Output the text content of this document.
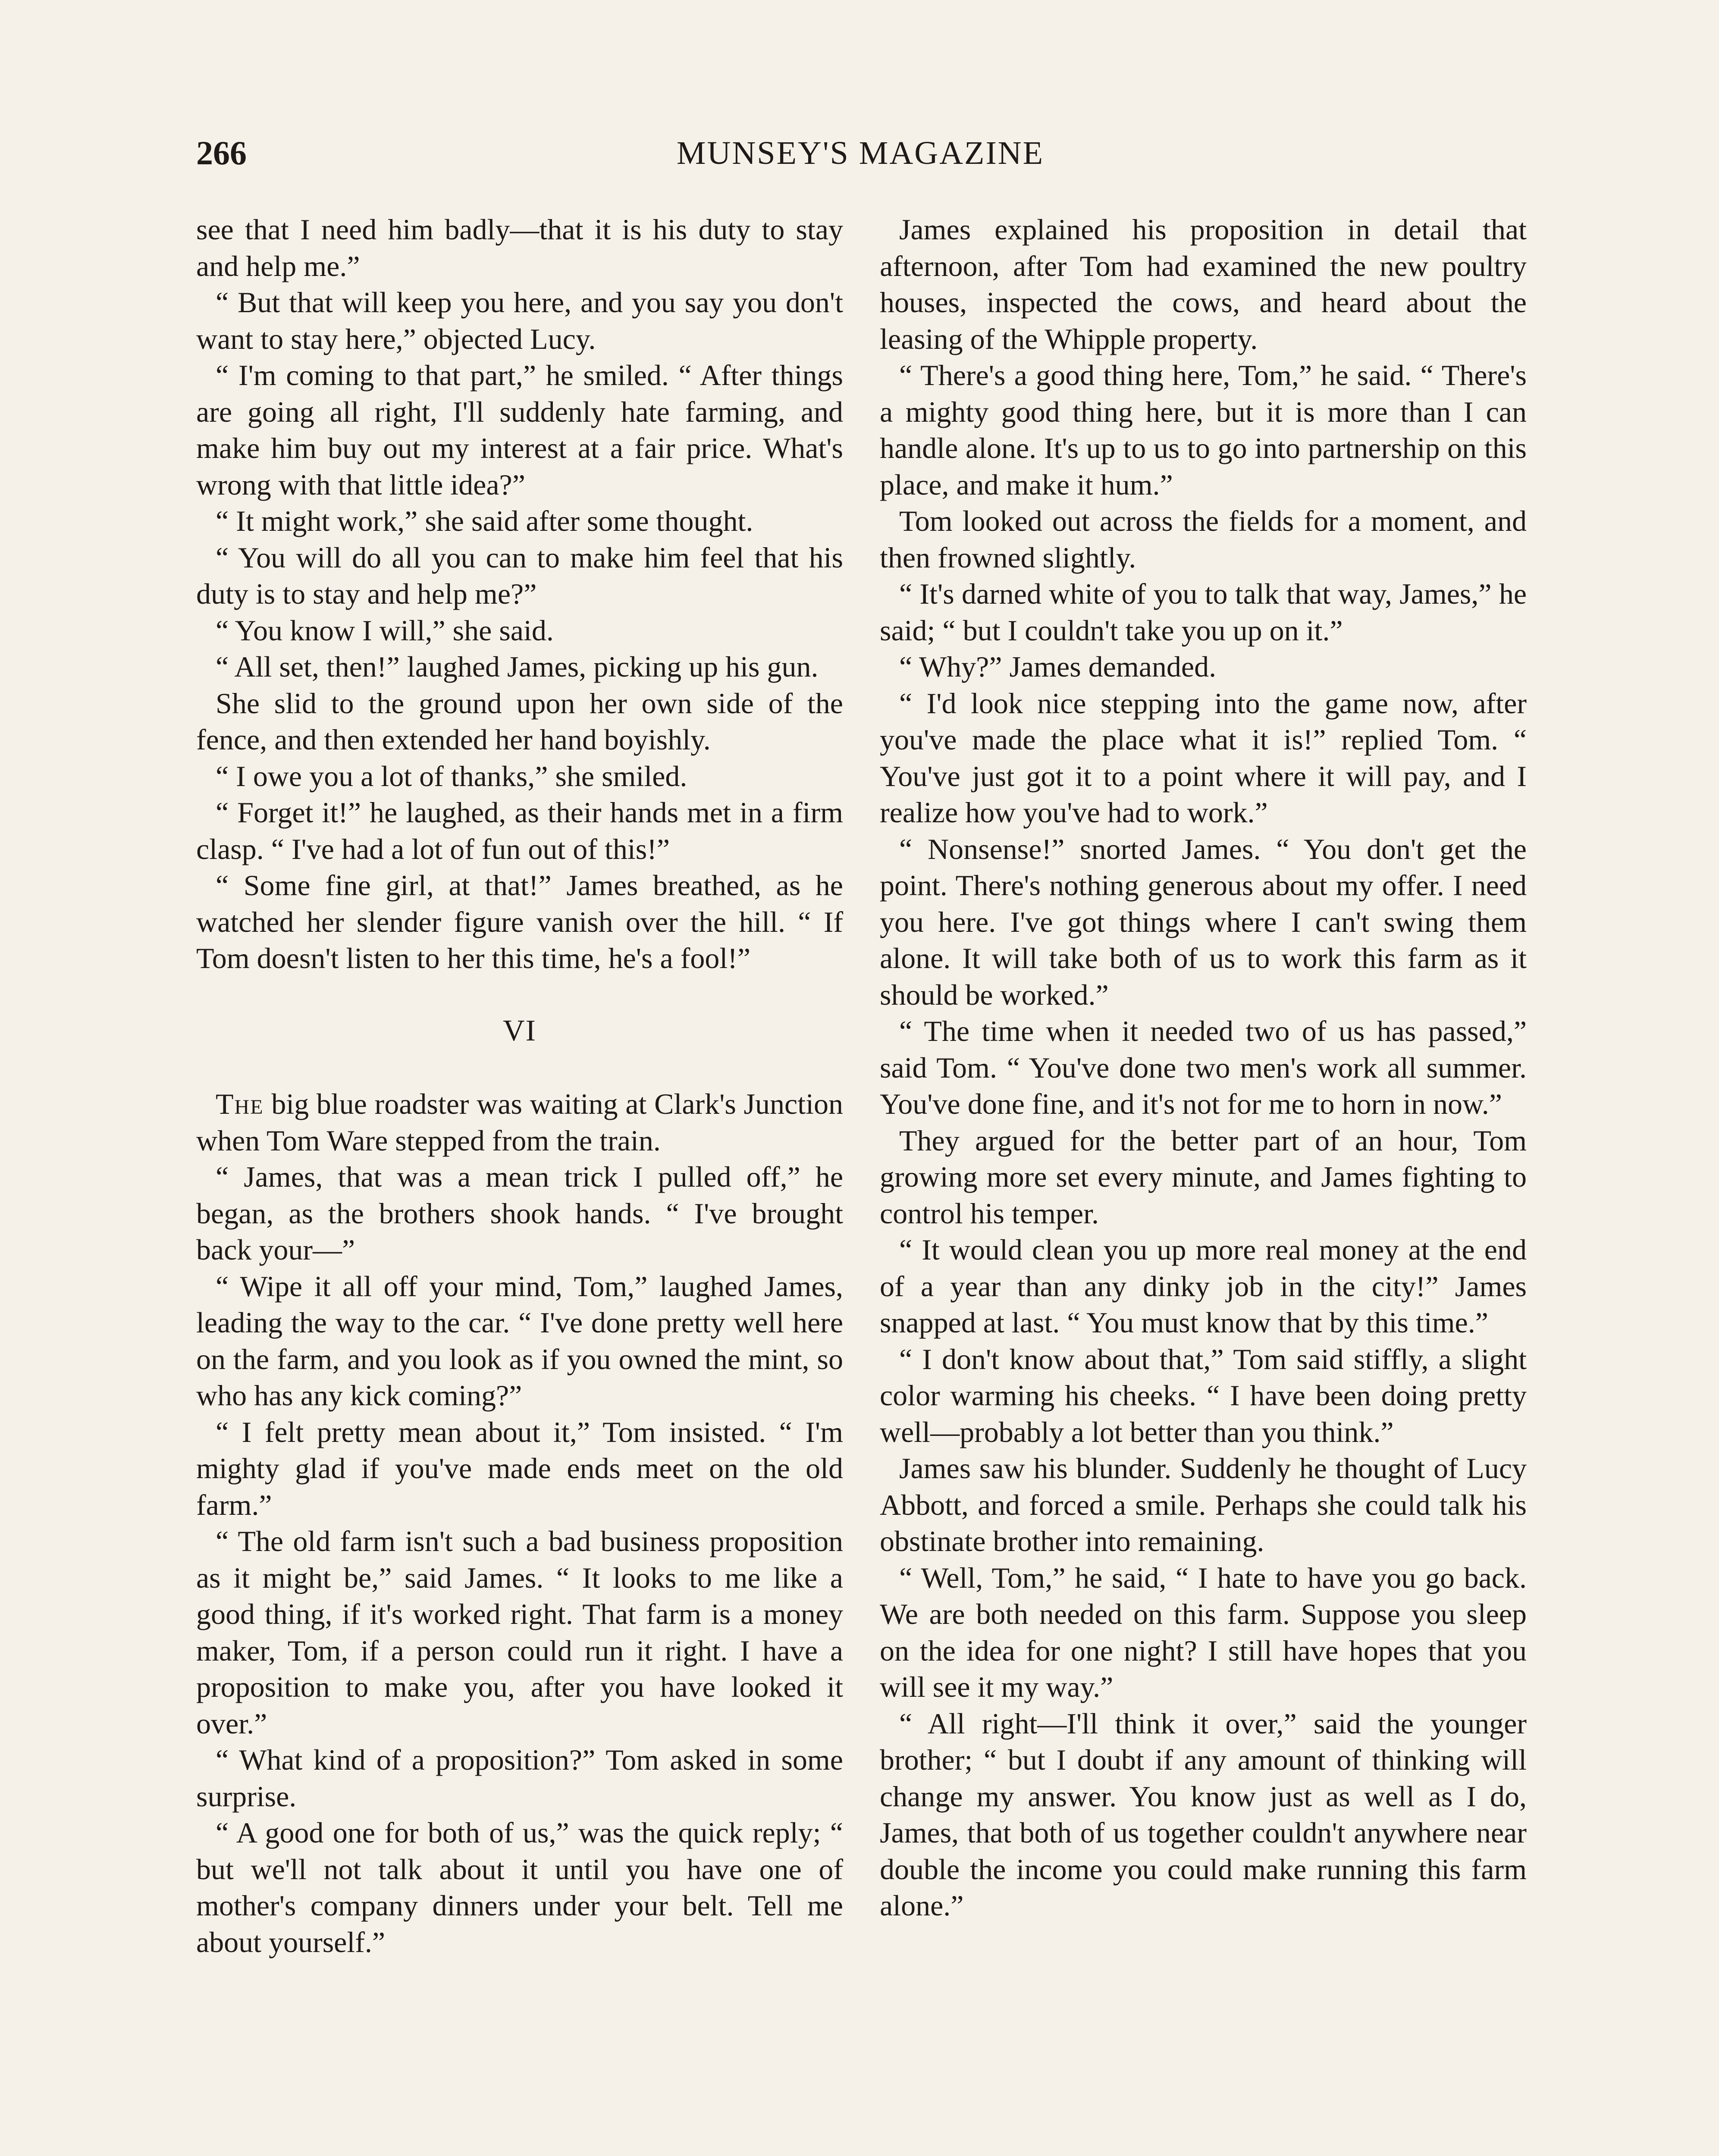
266	MUNSEY'S MAGAZINE

see that I need him badly—that it is his duty to stay and help me.”

“ But that will keep you here, and you say you don't want to stay here,” objected Lucy.

“ I'm coming to that part,” he smiled. “ After things are going all right, I'll suddenly hate farming, and make him buy out my interest at a fair price. What's wrong with that little idea?”

“ It might work,” she said after some thought.

“ You will do all you can to make him feel that his duty is to stay and help me?”

“ You know I will,” she said.

“ All set, then!” laughed James, picking up his gun.

She slid to the ground upon her own side of the fence, and then extended her hand boyishly.

“ I owe you a lot of thanks,” she smiled.

“ Forget it!” he laughed, as their hands met in a firm clasp. “ I've had a lot of fun out of this!”

“ Some fine girl, at that!” James breathed, as he watched her slender figure vanish over the hill. “ If Tom doesn't listen to her this time, he's a fool!”

VI

The big blue roadster was waiting at Clark's Junction when Tom Ware stepped from the train.

“ James, that was a mean trick I pulled off,” he began, as the brothers shook hands. “ I've brought back your—”

“ Wipe it all off your mind, Tom,” laughed James, leading the way to the car. “ I've done pretty well here on the farm, and you look as if you owned the mint, so who has any kick coming?”

“ I felt pretty mean about it,” Tom insisted. “ I'm mighty glad if you've made ends meet on the old farm.”

“ The old farm isn't such a bad business proposition as it might be,” said James. “ It looks to me like a good thing, if it's worked right. That farm is a money maker, Tom, if a person could run it right. I have a proposition to make you, after you have looked it over.”

“ What kind of a proposition?” Tom asked in some surprise.

“ A good one for both of us,” was the quick reply; “ but we'll not talk about it until you have one of mother's company dinners under your belt. Tell me about yourself.”

James explained his proposition in detail that afternoon, after Tom had examined the new poultry houses, inspected the cows, and heard about the leasing of the Whipple property.

“ There's a good thing here, Tom,” he said. “ There's a mighty good thing here, but it is more than I can handle alone. It's up to us to go into partnership on this place, and make it hum.”

Tom looked out across the fields for a moment, and then frowned slightly.

“ It's darned white of you to talk that way, James,” he said; “ but I couldn't take you up on it.”

“ Why?” James demanded.

“ I'd look nice stepping into the game now, after you've made the place what it is!” replied Tom. “ You've just got it to a point where it will pay, and I realize how you've had to work.”

“ Nonsense!” snorted James. “ You don't get the point. There's nothing generous about my offer. I need you here. I've got things where I can't swing them alone. It will take both of us to work this farm as it should be worked.”

“ The time when it needed two of us has passed,” said Tom. “ You've done two men's work all summer. You've done fine, and it's not for me to horn in now.”

They argued for the better part of an hour, Tom growing more set every minute, and James fighting to control his temper.

“ It would clean you up more real money at the end of a year than any dinky job in the city!” James snapped at last. “ You must know that by this time.”

“ I don't know about that,” Tom said stiffly, a slight color warming his cheeks. “ I have been doing pretty well—probably a lot better than you think.”

James saw his blunder. Suddenly he thought of Lucy Abbott, and forced a smile. Perhaps she could talk his obstinate brother into remaining.

“ Well, Tom,” he said, “ I hate to have you go back. We are both needed on this farm. Suppose you sleep on the idea for one night? I still have hopes that you will see it my way.”

“ All right—I'll think it over,” said the younger brother; “ but I doubt if any amount of thinking will change my answer. You know just as well as I do, James, that both of us together couldn't anywhere near double the income you could make running this farm alone.”
